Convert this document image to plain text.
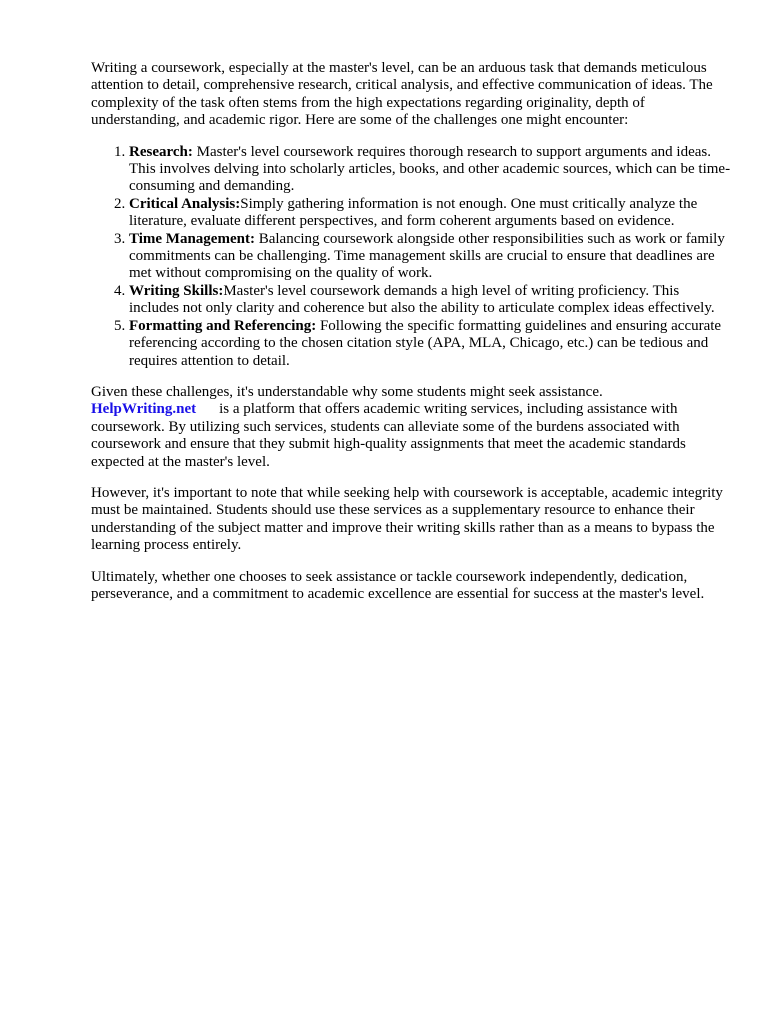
Writing a coursework, especially at the master's level, can be an arduous task that demands meticulous attention to detail, comprehensive research, critical analysis, and effective communication of ideas. The complexity of the task often stems from the high expectations regarding originality, depth of understanding, and academic rigor. Here are some of the challenges one might encounter:

1. Research: Master's level coursework requires thorough research to support arguments and ideas. This involves delving into scholarly articles, books, and other academic sources, which can be time-consuming and demanding.
2. Critical Analysis:Simply gathering information is not enough. One must critically analyze the literature, evaluate different perspectives, and form coherent arguments based on evidence.
3. Time Management: Balancing coursework alongside other responsibilities such as work or family commitments can be challenging. Time management skills are crucial to ensure that deadlines are met without compromising on the quality of work.
4. Writing Skills:Master's level coursework demands a high level of writing proficiency. This includes not only clarity and coherence but also the ability to articulate complex ideas effectively.
5. Formatting and Referencing: Following the specific formatting guidelines and ensuring accurate referencing according to the chosen citation style (APA, MLA, Chicago, etc.) can be tedious and requires attention to detail.

Given these challenges, it's understandable why some students might seek assistance.
HelpWriting.net is a platform that offers academic writing services, including assistance with coursework. By utilizing such services, students can alleviate some of the burdens associated with coursework and ensure that they submit high-quality assignments that meet the academic standards expected at the master's level.

However, it's important to note that while seeking help with coursework is acceptable, academic integrity must be maintained. Students should use these services as a supplementary resource to enhance their understanding of the subject matter and improve their writing skills rather than as a means to bypass the learning process entirely.

Ultimately, whether one chooses to seek assistance or tackle coursework independently, dedication, perseverance, and a commitment to academic excellence are essential for success at the master's level.
